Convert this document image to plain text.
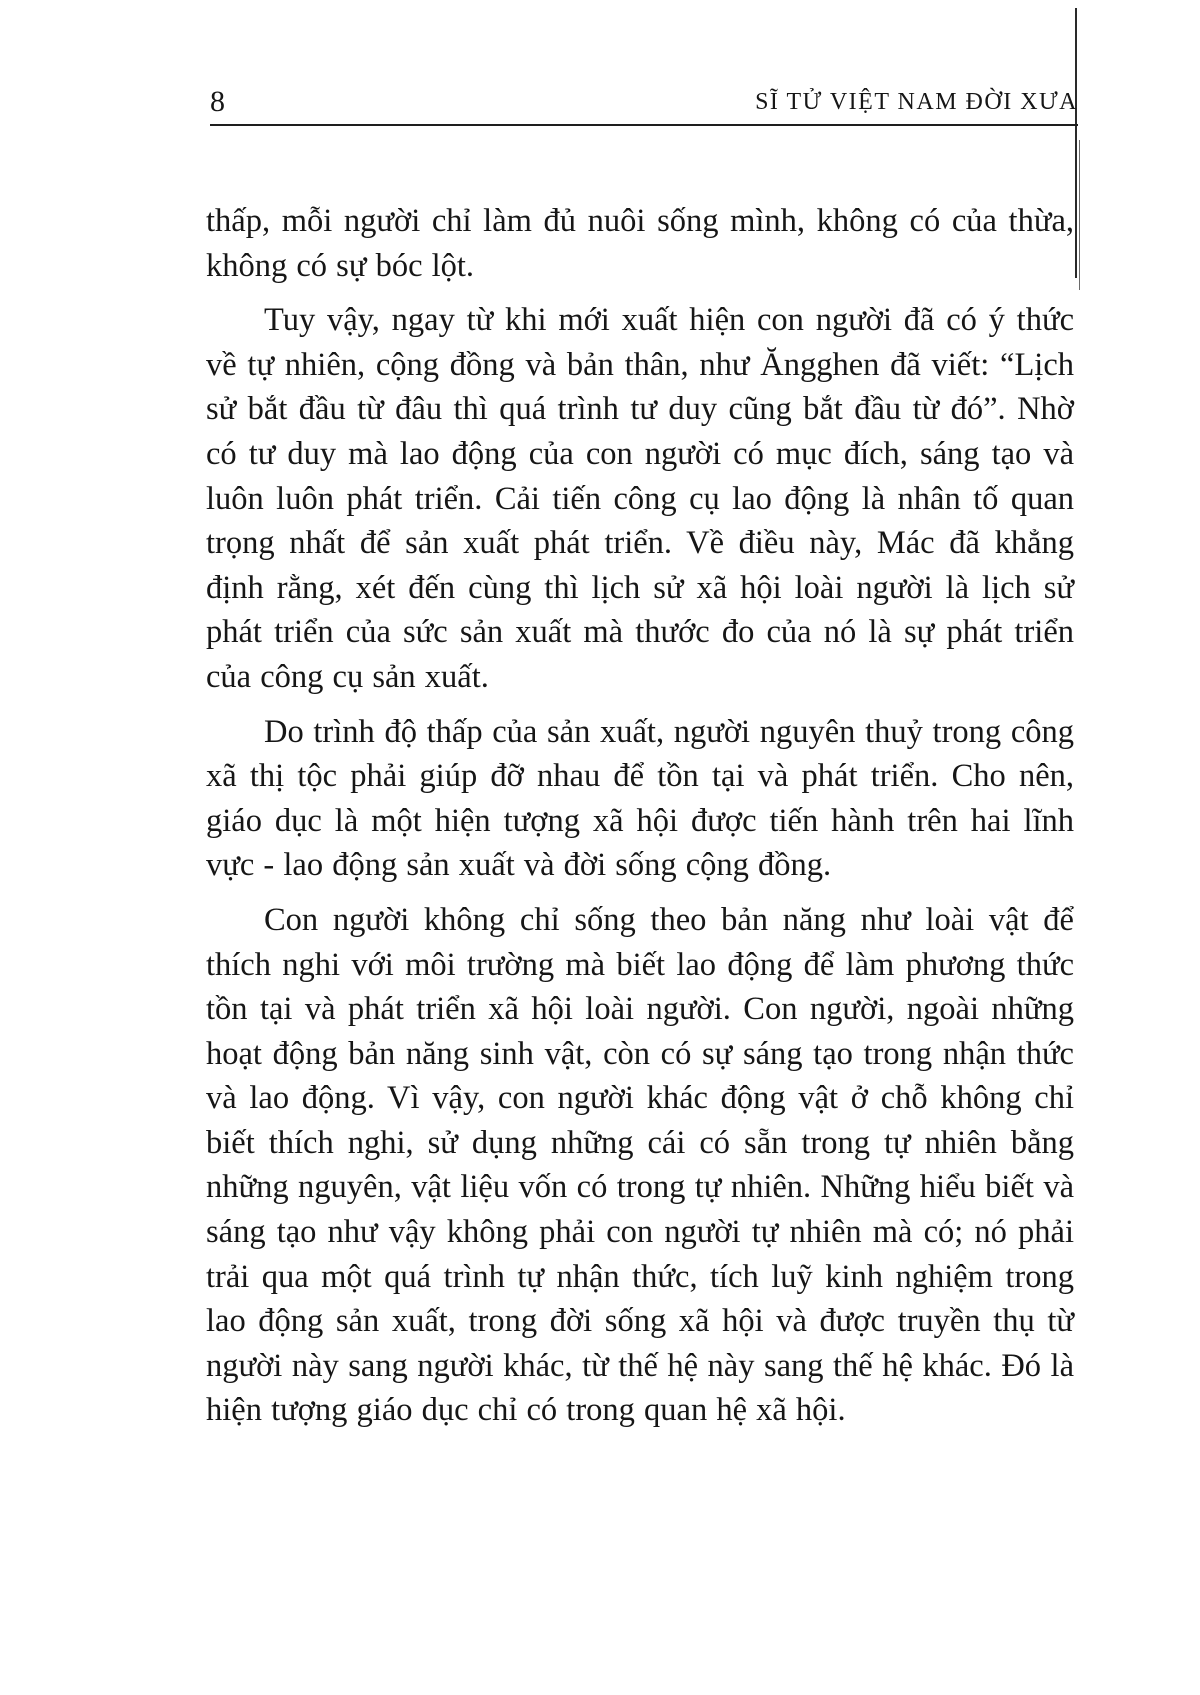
8	SĨ TỬ VIỆT NAM ĐỜI XƯA

thấp, mỗi người chỉ làm đủ nuôi sống mình, không có của thừa, không có sự bóc lột.

Tuy vậy, ngay từ khi mới xuất hiện con người đã có ý thức về tự nhiên, cộng đồng và bản thân, như Ăngghen đã viết: “Lịch sử bắt đầu từ đâu thì quá trình tư duy cũng bắt đầu từ đó”. Nhờ có tư duy mà lao động của con người có mục đích, sáng tạo và luôn luôn phát triển. Cải tiến công cụ lao động là nhân tố quan trọng nhất để sản xuất phát triển. Về điều này, Mác đã khẳng định rằng, xét đến cùng thì lịch sử xã hội loài người là lịch sử phát triển của sức sản xuất mà thước đo của nó là sự phát triển của công cụ sản xuất.

Do trình độ thấp của sản xuất, người nguyên thuỷ trong công xã thị tộc phải giúp đỡ nhau để tồn tại và phát triển. Cho nên, giáo dục là một hiện tượng xã hội được tiến hành trên hai lĩnh vực - lao động sản xuất và đời sống cộng đồng.

Con người không chỉ sống theo bản năng như loài vật để thích nghi với môi trường mà biết lao động để làm phương thức tồn tại và phát triển xã hội loài người. Con người, ngoài những hoạt động bản năng sinh vật, còn có sự sáng tạo trong nhận thức và lao động. Vì vậy, con người khác động vật ở chỗ không chỉ biết thích nghi, sử dụng những cái có sẵn trong tự nhiên bằng những nguyên, vật liệu vốn có trong tự nhiên. Những hiểu biết và sáng tạo như vậy không phải con người tự nhiên mà có; nó phải trải qua một quá trình tự nhận thức, tích luỹ kinh nghiệm trong lao động sản xuất, trong đời sống xã hội và được truyền thụ từ người này sang người khác, từ thế hệ này sang thế hệ khác. Đó là hiện tượng giáo dục chỉ có trong quan hệ xã hội.
